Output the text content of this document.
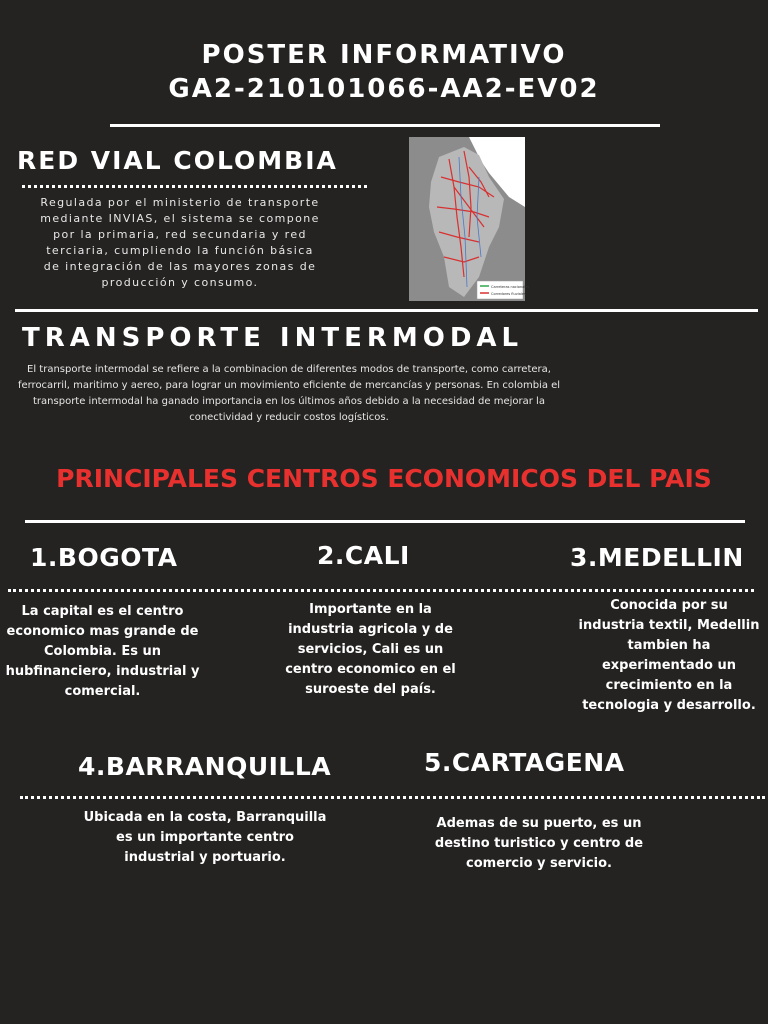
POSTER INFORMATIVO
GA2-210101066-AA2-EV02
RED VIAL COLOMBIA
Regulada por el ministerio de transporte mediante INVIAS, el sistema se compone por la primaria, red secundaria y red terciaria, cumpliendo la función básica de integración de las mayores zonas de producción y consumo.	Carreteras nacionales
Corredores fluviales
TRANSPORTE INTERMODAL
El transporte intermodal se refiere a la combinacion de diferentes modos de transporte, como carretera, ferrocarril, maritimo y aereo, para lograr un movimiento eficiente de mercancías y personas. En colombia el transporte intermodal ha ganado importancia en los últimos años debido a la necesidad de mejorar la conectividad y reducir costos logísticos.
PRINCIPALES CENTROS ECONOMICOS DEL PAIS
1.BOGOTA	2.CALI	3.MEDELLIN
La capital es el centro economico mas grande de Colombia. Es un hubfinanciero, industrial y comercial.
Importante en la industria agricola y de servicios, Cali es un centro economico en el suroeste del país.
Conocida por su industria textil, Medellin tambien ha experimentado un crecimiento en la tecnologia y desarrollo.
4.BARRANQUILLA	5.CARTAGENA
Ubicada en la costa, Barranquilla es un importante centro industrial y portuario.
Ademas de su puerto, es un destino turistico y centro de comercio y servicio.
